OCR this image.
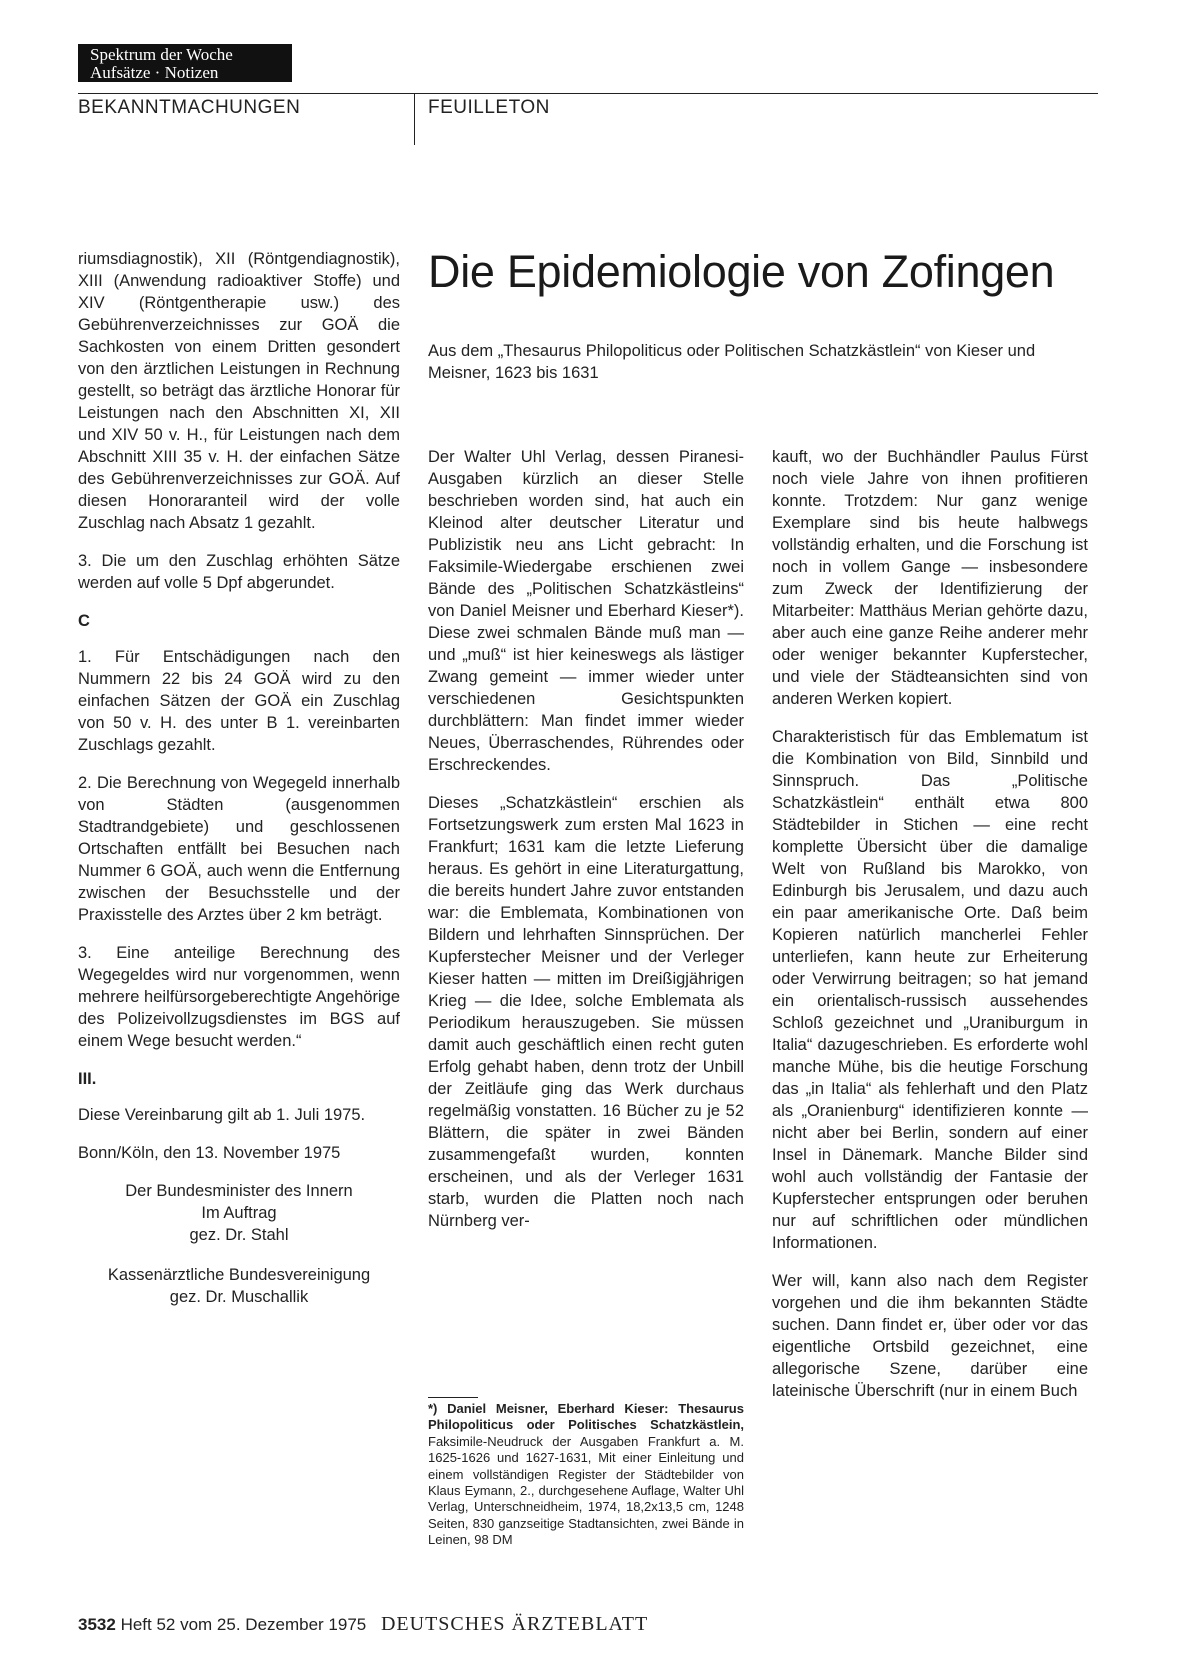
Spektrum der Woche
Aufsätze · Notizen
BEKANNTMACHUNGEN	FEUILLETON

riumsdiagnostik), XII (Röntgendiagnostik), XIII (Anwendung radioaktiver Stoffe) und XIV (Röntgentherapie usw.) des Gebührenverzeichnisses zur GOÄ die Sachkosten von einem Dritten gesondert von den ärztlichen Leistungen in Rechnung gestellt, so beträgt das ärztliche Honorar für Leistungen nach den Abschnitten XI, XII und XIV 50 v. H., für Leistungen nach dem Abschnitt XIII 35 v. H. der einfachen Sätze des Gebührenverzeichnisses zur GOÄ. Auf diesen Honoraranteil wird der volle Zuschlag nach Absatz 1 gezahlt.

3. Die um den Zuschlag erhöhten Sätze werden auf volle 5 Dpf abgerundet.

C

1. Für Entschädigungen nach den Nummern 22 bis 24 GOÄ wird zu den einfachen Sätzen der GOÄ ein Zuschlag von 50 v. H. des unter B 1. vereinbarten Zuschlags gezahlt.

2. Die Berechnung von Wegegeld innerhalb von Städten (ausgenommen Stadtrandgebiete) und geschlossenen Ortschaften entfällt bei Besuchen nach Nummer 6 GOÄ, auch wenn die Entfernung zwischen der Besuchsstelle und der Praxisstelle des Arztes über 2 km beträgt.

3. Eine anteilige Berechnung des Wegegeldes wird nur vorgenommen, wenn mehrere heilfürsorgeberechtigte Angehörige des Polizeivollzugsdienstes im BGS auf einem Wege besucht werden.“

III.

Diese Vereinbarung gilt ab 1. Juli 1975.

Bonn/Köln, den 13. November 1975

Der Bundesminister des Innern
Im Auftrag
gez. Dr. Stahl
Kassenärztliche Bundesvereinigung
gez. Dr. Muschallik
Die Epidemiologie von Zofingen
Aus dem „Thesaurus Philopoliticus oder Politischen Schatzkästlein“ von Kieser und Meisner, 1623 bis 1631

Der Walter Uhl Verlag, dessen Piranesi-Ausgaben kürzlich an dieser Stelle beschrieben worden sind, hat auch ein Kleinod alter deutscher Literatur und Publizistik neu ans Licht gebracht: In Faksimile-Wiedergabe erschienen zwei Bände des „Politischen Schatzkästleins“ von Daniel Meisner und Eberhard Kieser*). Diese zwei schmalen Bände muß man — und „muß“ ist hier keineswegs als lästiger Zwang gemeint — immer wieder unter verschiedenen Gesichtspunkten durchblättern: Man findet immer wieder Neues, Überraschendes, Rührendes oder Erschreckendes.

Dieses „Schatzkästlein“ erschien als Fortsetzungswerk zum ersten Mal 1623 in Frankfurt; 1631 kam die letzte Lieferung heraus. Es gehört in eine Literaturgattung, die bereits hundert Jahre zuvor entstanden war: die Emblemata, Kombinationen von Bildern und lehrhaften Sinnsprüchen. Der Kupferstecher Meisner und der Verleger Kieser hatten — mitten im Dreißigjährigen Krieg — die Idee, solche Emblemata als Periodikum herauszugeben. Sie müssen damit auch geschäftlich einen recht guten Erfolg gehabt haben, denn trotz der Unbill der Zeitläufe ging das Werk durchaus regelmäßig vonstatten. 16 Bücher zu je 52 Blättern, die später in zwei Bänden zusammengefaßt wurden, konnten erscheinen, und als der Verleger 1631 starb, wurden die Platten noch nach Nürnberg ver-

kauft, wo der Buchhändler Paulus Fürst noch viele Jahre von ihnen profitieren konnte. Trotzdem: Nur ganz wenige Exemplare sind bis heute halbwegs vollständig erhalten, und die Forschung ist noch in vollem Gange — insbesondere zum Zweck der Identifizierung der Mitarbeiter: Matthäus Merian gehörte dazu, aber auch eine ganze Reihe anderer mehr oder weniger bekannter Kupferstecher, und viele der Städteansichten sind von anderen Werken kopiert.

Charakteristisch für das Emblematum ist die Kombination von Bild, Sinnbild und Sinnspruch. Das „Politische Schatzkästlein“ enthält etwa 800 Städtebilder in Stichen — eine recht komplette Übersicht über die damalige Welt von Rußland bis Marokko, von Edinburgh bis Jerusalem, und dazu auch ein paar amerikanische Orte. Daß beim Kopieren natürlich mancherlei Fehler unterliefen, kann heute zur Erheiterung oder Verwirrung beitragen; so hat jemand ein orientalisch-russisch aussehendes Schloß gezeichnet und „Uraniburgum in Italia“ dazugeschrieben. Es erforderte wohl manche Mühe, bis die heutige Forschung das „in Italia“ als fehlerhaft und den Platz als „Oranienburg“ identifizieren konnte — nicht aber bei Berlin, sondern auf einer Insel in Dänemark. Manche Bilder sind wohl auch vollständig der Fantasie der Kupferstecher entsprungen oder beruhen nur auf schriftlichen oder mündlichen Informationen.

Wer will, kann also nach dem Register vorgehen und die ihm bekannten Städte suchen. Dann findet er, über oder vor das eigentliche Ortsbild gezeichnet, eine allegorische Szene, darüber eine lateinische Überschrift (nur in einem Buch

*) Daniel Meisner, Eberhard Kieser: Thesaurus Philopoliticus oder Politisches Schatzkästlein, Faksimile-Neudruck der Ausgaben Frankfurt a. M. 1625-1626 und 1627-1631, Mit einer Einleitung und einem vollständigen Register der Städtebilder von Klaus Eymann, 2., durchgesehene Auflage, Walter Uhl Verlag, Unterschneidheim, 1974, 18,2x13,5 cm, 1248 Seiten, 830 ganzseitige Stadtansichten, zwei Bände in Leinen, 98 DM
3532 Heft 52 vom 25. Dezember 1975 DEUTSCHES ÄRZTEBLATT
